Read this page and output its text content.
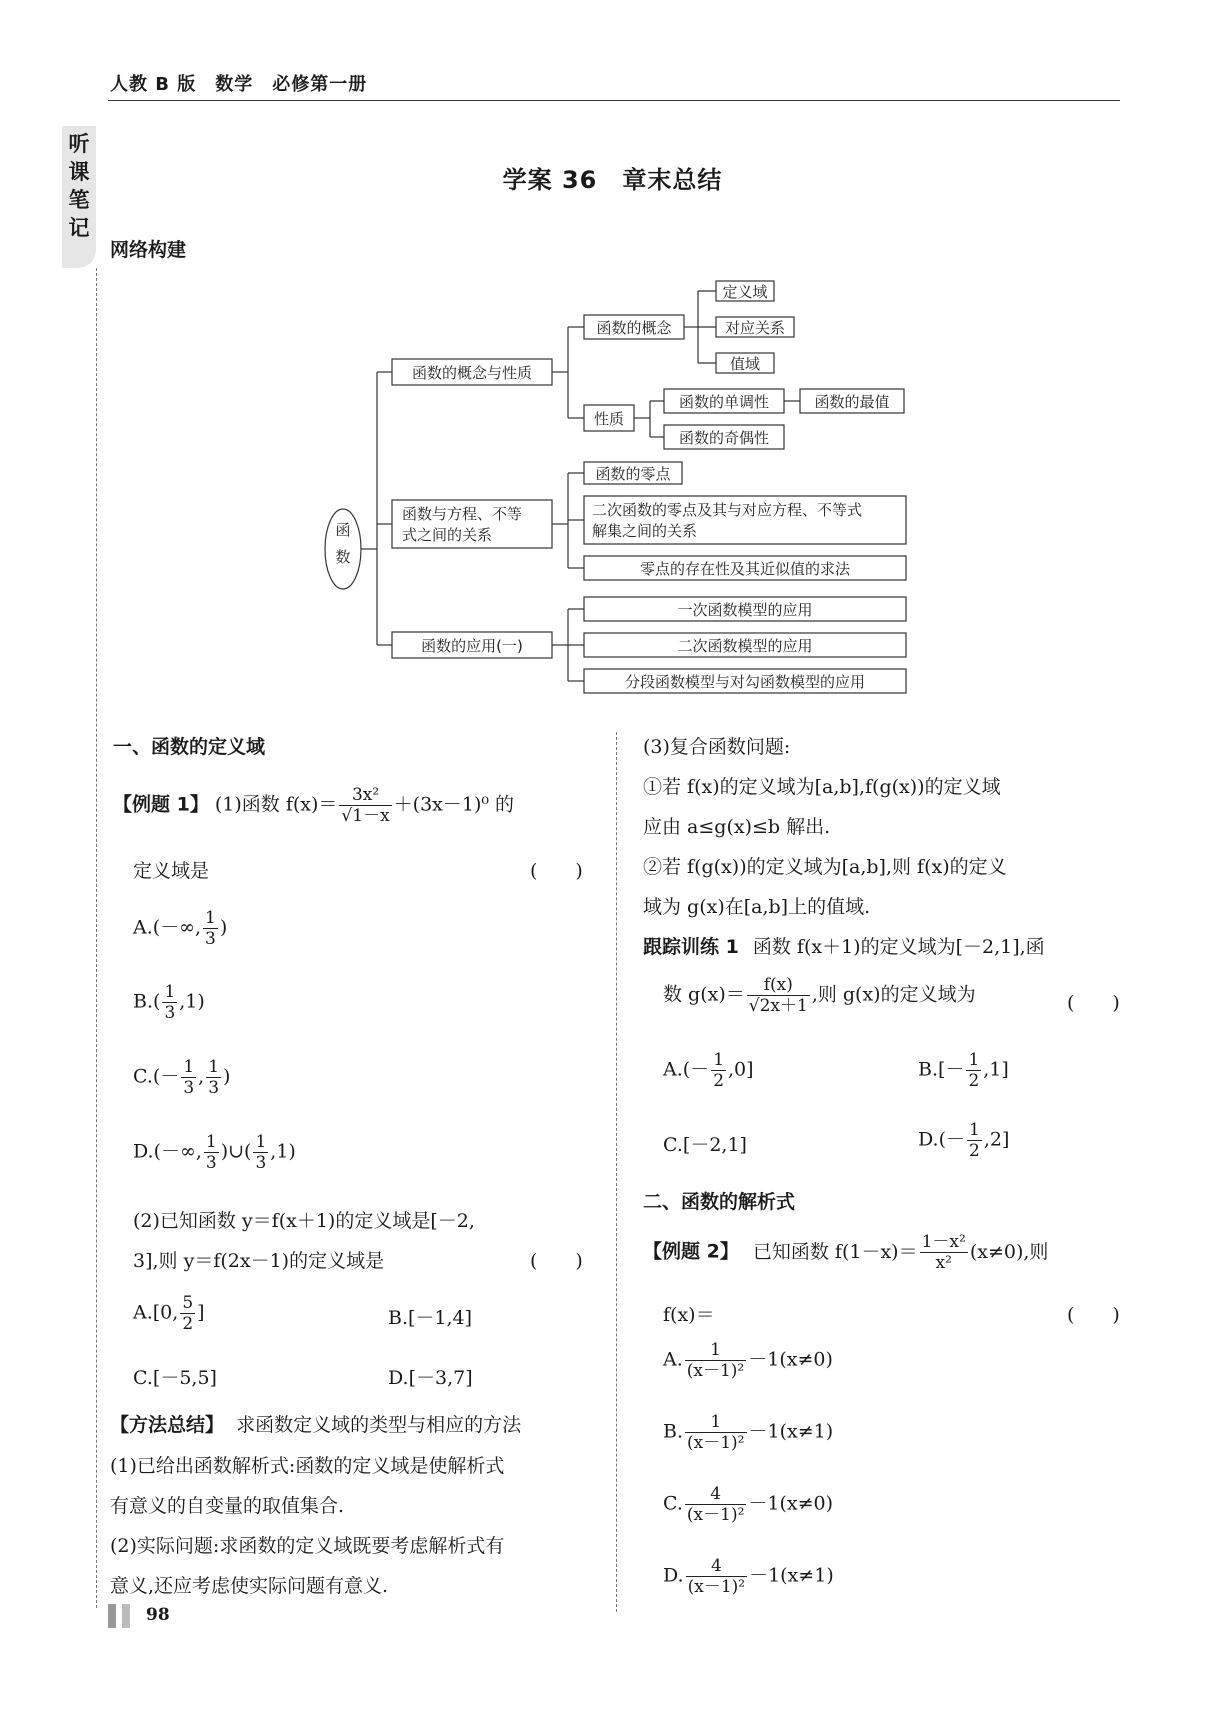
人教 B 版　数学　必修第一册
听课笔记
学案 36　章末总结
网络构建
函
数
函数的概念与性质
函数的概念
定义域
对应关系
值域
性质
函数的单调性	函数的最值
函数的奇偶性
函数与方程、不等
式之间的关系
函数的零点
二次函数的零点及其与对应方程、不等式
解集之间的关系
零点的存在性及其近似值的求法
函数的应用(一)
一次函数模型的应用
二次函数模型的应用
分段函数模型与对勾函数模型的应用
一、函数的定义域
【例题 1】 (1)函数 $f(x)= \frac{\text{3x²}}{√1-x} +(3x-1)^0$ 的
定义域是	(　　)
A.(－∞, $\frac{1}{3}$ )
$B.( \frac{1}{3} ,1)$
$C.(- \frac{1}{3}$ , $\frac{1}{3}$ )
D.(－∞, $\frac{1}{3}$ )∪( $\frac{1}{3} ,1$)
(2)已知函数 y＝f(x＋1)的定义域是[－2,
3],则 y＝f(2x－1)的定义域是	(　　)
A.[0, $\frac{5}{2}$ ]	B.[－1,4]
C.[－5,5]	D.[－3,7]
【方法总结】 求函数定义域的类型与相应的方法
(1)已给出函数解析式:函数的定义域是使解析式
有意义的自变量的取值集合.
(2)实际问题:求函数的定义域既要考虑解析式有
意义,还应考虑使实际问题有意义.
(3)复合函数问题:
①若 f(x)的定义域为[a,b],f(g(x))的定义域
应由 a≤g(x)≤b 解出.
②若 f(g(x))的定义域为[a,b],则 f(x)的定义
域为 g(x)在[a,b]上的值域.
跟踪训练 1 函数 f(x＋1)的定义域为[－2,1],函
数 $g(x)= \frac{f(x)}{√2x+1}$ ,则 g(x)的定义域为	(　　)
$A.(- \frac{1}{2} ,0]$	$B.[- \frac{1}{2} ,1]$
C.[－2,1]	$D.(- \frac{1}{2} ,2]$
二、函数的解析式
【例题 2】 已知函数 $f(1-x)= \frac{\text{1－x²}}{\text{x²}} (x\ne 0)$,则
f(x)＝	(　　)
A. $\frac{1}{\text{(x－1)²}} -1(x\ne 0)$
B. $\frac{1}{\text{(x－1)²}} -1(x\ne 1)$
C. $\frac{4}{\text{(x－1)²}} -1(x\ne 0)$
D. $\frac{4}{\text{(x－1)²}} -1(x\ne 1)$
98
